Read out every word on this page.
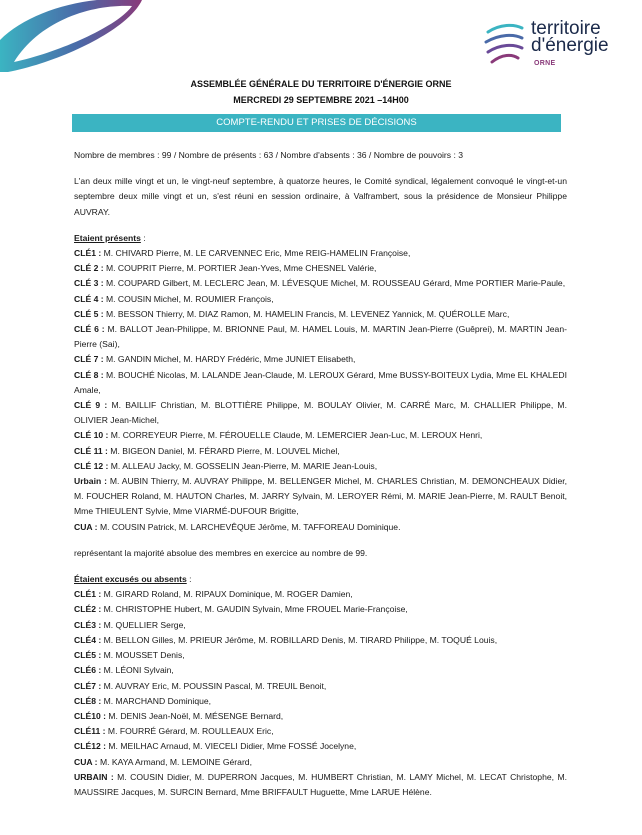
territoire
d'énergie
ORNE
ASSEMBLÉE GÉNÉRALE DU TERRITOIRE D'ÉNERGIE ORNE
MERCREDI 29 SEPTEMBRE 2021 –14H00
COMPTE-RENDU ET PRISES DE DÉCISIONS

Nombre de membres : 99 / Nombre de présents : 63 / Nombre d'absents : 36 / Nombre de pouvoirs : 3

L'an deux mille vingt et un, le vingt-neuf septembre, à quatorze heures, le Comité syndical, légalement convoqué le vingt-et-un septembre deux mille vingt et un, s'est réuni en session ordinaire, à Valframbert, sous la présidence de Monsieur Philippe AUVRAY.

Etaient présents :

CLÉ1 : M. CHIVARD Pierre, M. LE CARVENNEC Eric, Mme REIG-HAMELIN Françoise,

CLÉ 2 : M. COUPRIT Pierre, M. PORTIER Jean-Yves, Mme CHESNEL Valérie,

CLÉ 3 : M. COUPARD Gilbert, M. LECLERC Jean, M. LÉVESQUE Michel, M. ROUSSEAU Gérard, Mme PORTIER Marie-Paule,

CLÉ 4 : M. COUSIN Michel, M. ROUMIER François,

CLÉ 5 : M. BESSON Thierry, M. DIAZ Ramon, M. HAMELIN Francis, M. LEVENEZ Yannick, M. QUÉROLLE Marc,

CLÉ 6 : M. BALLOT Jean-Philippe, M. BRIONNE Paul, M. HAMEL Louis, M. MARTIN Jean-Pierre (Guêprei), M. MARTIN Jean-Pierre (Sai),

CLÉ 7 : M. GANDIN Michel, M. HARDY Frédéric, Mme JUNIET Elisabeth,

CLÉ 8 : M. BOUCHÉ Nicolas, M. LALANDE Jean-Claude, M. LEROUX Gérard, Mme BUSSY-BOITEUX Lydia, Mme EL KHALEDI Amale,

CLÉ 9 : M. BAILLIF Christian, M. BLOTTIÈRE Philippe, M. BOULAY Olivier, M. CARRÉ Marc, M. CHALLIER Philippe, M. OLIVIER Jean-Michel,

CLÉ 10 : M. CORREYEUR Pierre, M. FÉROUELLE Claude, M. LEMERCIER Jean-Luc, M. LEROUX Henri,

CLÉ 11 : M. BIGEON Daniel, M. FÉRARD Pierre, M. LOUVEL Michel,

CLÉ 12 : M. ALLEAU Jacky, M. GOSSELIN Jean-Pierre, M. MARIE Jean-Louis,

Urbain : M. AUBIN Thierry, M. AUVRAY Philippe, M. BELLENGER Michel, M. CHARLES Christian, M. DEMONCHEAUX Didier, M. FOUCHER Roland, M. HAUTON Charles, M. JARRY Sylvain, M. LEROYER Rémi, M. MARIE Jean-Pierre, M. RAULT Benoit, Mme THIEULENT Sylvie, Mme VIARMÉ-DUFOUR Brigitte,

CUA : M. COUSIN Patrick, M. LARCHEVÊQUE Jérôme, M. TAFFOREAU Dominique.

représentant la majorité absolue des membres en exercice au nombre de 99.

Étaient excusés ou absents :

CLÉ1 : M. GIRARD Roland, M. RIPAUX Dominique, M. ROGER Damien,

CLÉ2 : M. CHRISTOPHE Hubert, M. GAUDIN Sylvain, Mme FROUEL Marie-Françoise,

CLÉ3 : M. QUELLIER Serge,

CLÉ4 : M. BELLON Gilles, M. PRIEUR Jérôme, M. ROBILLARD Denis, M. TIRARD Philippe, M. TOQUÉ Louis,

CLÉ5 : M. MOUSSET Denis,

CLÉ6 : M. LÉONI Sylvain,

CLÉ7 : M. AUVRAY Eric, M. POUSSIN Pascal, M. TREUIL Benoit,

CLÉ8 : M. MARCHAND Dominique,

CLÉ10 : M. DENIS Jean-Noël, M. MÉSENGE Bernard,

CLÉ11 : M. FOURRÉ Gérard, M. ROULLEAUX Eric,

CLÉ12 : M. MEILHAC Arnaud, M. VIECELI Didier, Mme FOSSÉ Jocelyne,

CUA : M. KAYA Armand, M. LEMOINE Gérard,

URBAIN : M. COUSIN Didier, M. DUPERRON Jacques, M. HUMBERT Christian, M. LAMY Michel, M. LECAT Christophe, M. MAUSSIRE Jacques, M. SURCIN Bernard, Mme BRIFFAULT Huguette, Mme LARUE Hélène.
